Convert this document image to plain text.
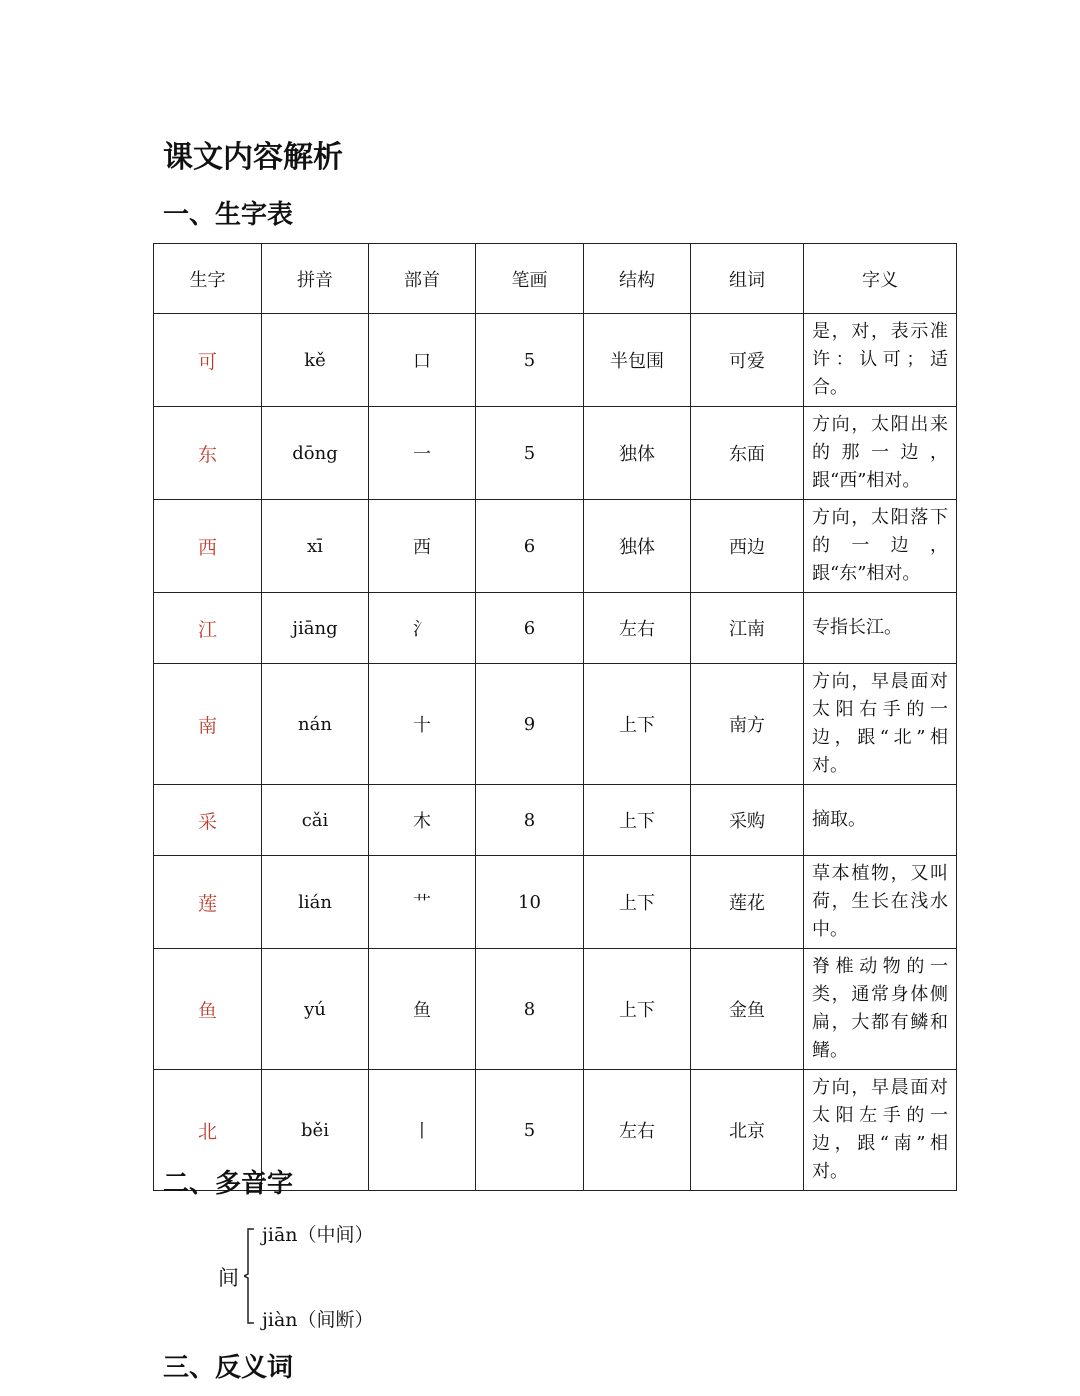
课文内容解析
一、生字表
生字	拼音	部首	笔画	结构	组词	字义
可	kě	口	5	半包围	可爱	是，对，表示准许：认可；适合。
东	dōng	一	5	独体	东面	方向，太阳出来的那一边，跟“西”相对。
西	xī	西	6	独体	西边	方向，太阳落下的一边，跟“东”相对。
江	jiāng	氵	6	左右	江南	专指长江。
南	nán	十	9	上下	南方	方向，早晨面对太阳右手的一边，跟“北”相对。
采	cǎi	木	8	上下	采购	摘取。
莲	lián	艹	10	上下	莲花	草本植物，又叫荷，生长在浅水中。
鱼	yú	鱼	8	上下	金鱼	脊椎动物的一类，通常身体侧扁，大都有鳞和鳍。
北	běi	丨	5	左右	北京	方向，早晨面对太阳左手的一边，跟“南”相对。
二、多音字
间
jiān（中间）
jiàn（间断）
三、反义词
